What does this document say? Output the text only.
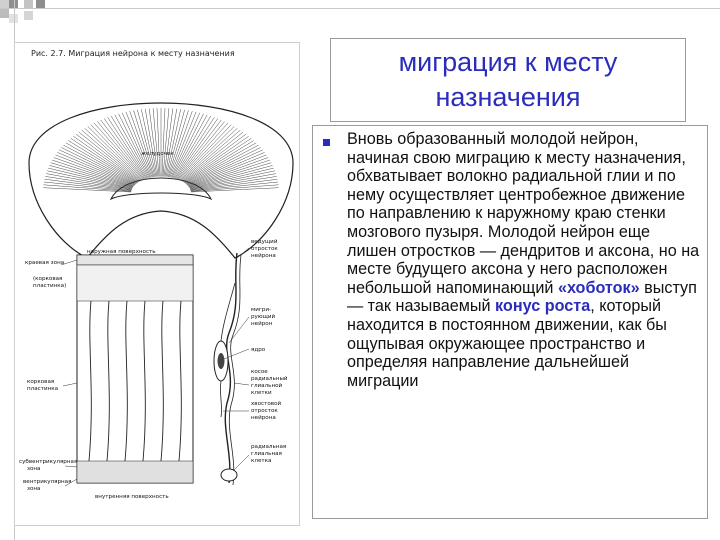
Рис. 2.7. Миграция нейрона к месту назначения
желудочек
наружная поверхность
краевая зона
(корковая
пластинка)
корковая
пластинка
субвентрикулярная
зона
вентрикулярная
зона
внутренняя поверхность
ведущий
отросток
нейрона
мигри-
рующий
нейрон
ядро
косое
радиальный
глиальной
клетки
хвостовой
отросток
нейрона
радиальная
глиальная
клетка
миграция к месту назначения
Вновь образованный молодой нейрон, начиная свою миграцию к месту назначения, обхватывает волокно радиальной глии и по нему осуществляет центробежное движение по направлению к наружному краю стенки мозгового пузыря. Молодой нейрон еще лишен отростков — дендритов и аксона, но на месте будущего аксона у него расположен небольшой напоминающий «хоботок» выступ — так называемый конус роста, который находится в постоянном движении, как бы ощупывая окружающее пространство и определяя направление дальнейшей миграции
